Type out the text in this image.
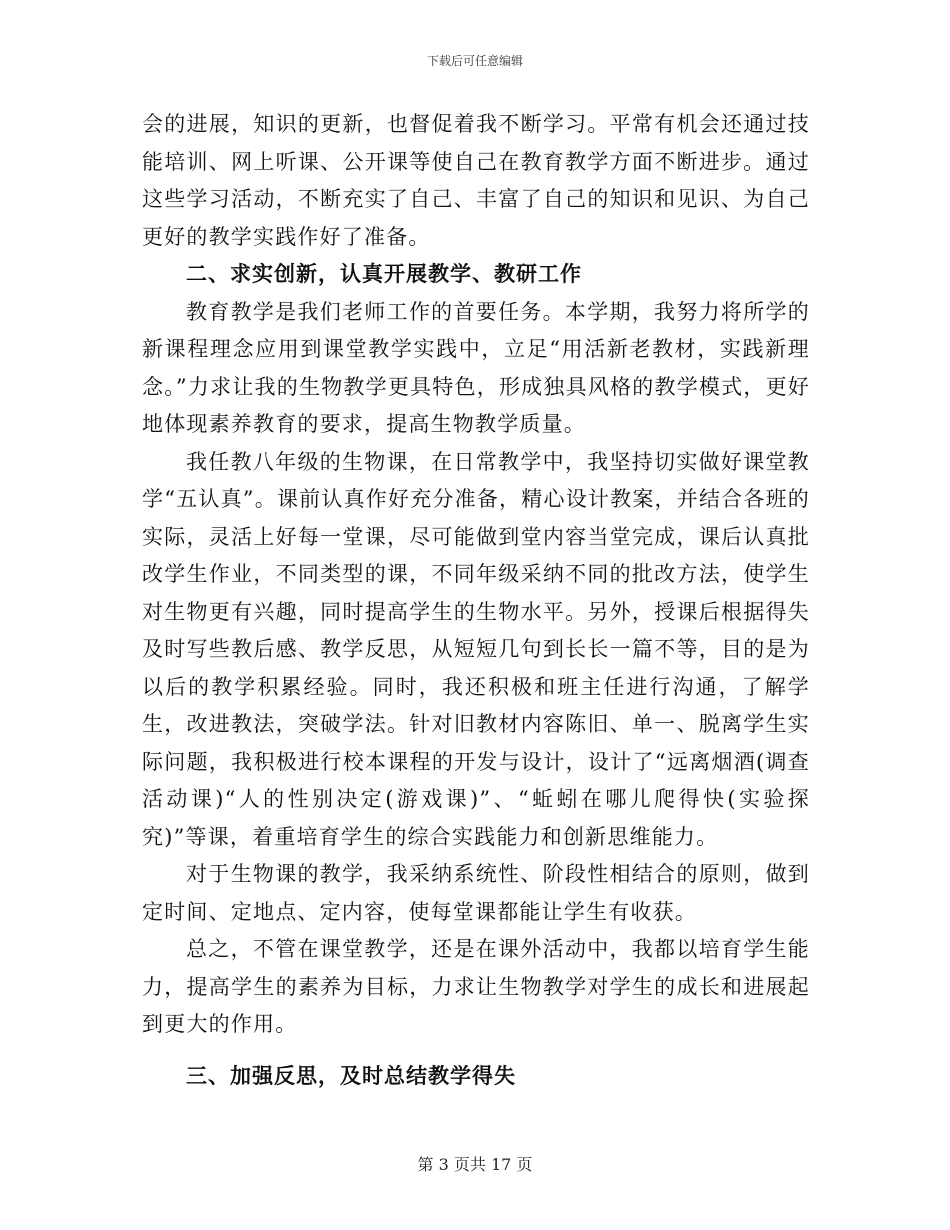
下载后可任意编辑

会的进展，知识的更新，也督促着我不断学习。平常有机会还通过技能培训、网上听课、公开课等使自己在教育教学方面不断进步。通过这些学习活动，不断充实了自己、丰富了自己的知识和见识、为自己更好的教学实践作好了准备。

二、求实创新，认真开展教学、教研工作

教育教学是我们老师工作的首要任务。本学期，我努力将所学的新课程理念应用到课堂教学实践中，立足“用活新老教材，实践新理念。”力求让我的生物教学更具特色，形成独具风格的教学模式，更好地体现素养教育的要求，提高生物教学质量。

我任教八年级的生物课，在日常教学中，我坚持切实做好课堂教学“五认真”。课前认真作好充分准备，精心设计教案，并结合各班的实际，灵活上好每一堂课，尽可能做到堂内容当堂完成，课后认真批改学生作业，不同类型的课，不同年级采纳不同的批改方法，使学生对生物更有兴趣，同时提高学生的生物水平。另外，授课后根据得失及时写些教后感、教学反思，从短短几句到长长一篇不等，目的是为以后的教学积累经验。同时，我还积极和班主任进行沟通，了解学生，改进教法，突破学法。针对旧教材内容陈旧、单一、脱离学生实际问题，我积极进行校本课程的开发与设计，设计了“远离烟酒(调查活动课)“人的性别决定(游戏课)”、“蚯蚓在哪儿爬得快(实验探究)”等课，着重培育学生的综合实践能力和创新思维能力。

对于生物课的教学，我采纳系统性、阶段性相结合的原则，做到定时间、定地点、定内容，使每堂课都能让学生有收获。

总之，不管在课堂教学，还是在课外活动中，我都以培育学生能力，提高学生的素养为目标，力求让生物教学对学生的成长和进展起到更大的作用。

三、加强反思，及时总结教学得失

第 3 页共 17 页
